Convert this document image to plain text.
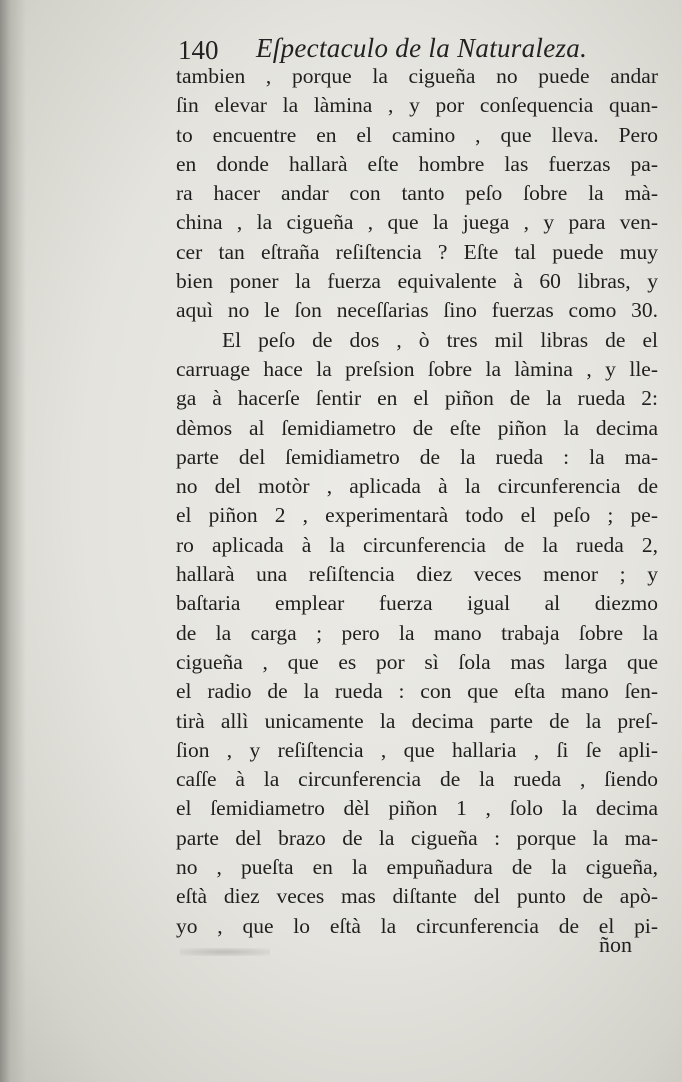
140 Eſpectaculo de la Naturaleza.
tambien , porque la cigueña no puede andar
ſin elevar la làmina , y por conſequencia quan-
to encuentre en el camino , que lleva. Pero
en donde hallarà eſte hombre las fuerzas pa-
ra hacer andar con tanto peſo ſobre la mà-
china , la cigueña , que la juega , y para ven-
cer tan eſtraña reſiſtencia ? Eſte tal puede muy
bien poner la fuerza equivalente à 60 libras, y
aquì no le ſon neceſſarias ſino fuerzas como 30.
El peſo de dos , ò tres mil libras de el
carruage hace la preſsion ſobre la làmina , y lle-
ga à hacerſe ſentir en el piñon de la rueda 2:
dèmos al ſemidiametro de eſte piñon la decima
parte del ſemidiametro de la rueda : la ma-
no del motòr , aplicada à la circunferencia de
el piñon 2 , experimentarà todo el peſo ; pe-
ro aplicada à la circunferencia de la rueda 2,
hallarà una reſiſtencia diez veces menor ; y
baſtaria emplear fuerza igual al diezmo
de la carga ; pero la mano trabaja ſobre la
cigueña , que es por sì ſola mas larga que
el radio de la rueda : con que eſta mano ſen-
tirà allì unicamente la decima parte de la preſ-
ſion , y reſiſtencia , que hallaria , ſi ſe apli-
caſſe à la circunferencia de la rueda , ſiendo
el ſemidiametro dèl piñon 1 , ſolo la decima
parte del brazo de la cigueña : porque la ma-
no , pueſta en la empuñadura de la cigueña,
eſtà diez veces mas diſtante del punto de apò-
yo , que lo eſtà la circunferencia de el pi-
ñon
